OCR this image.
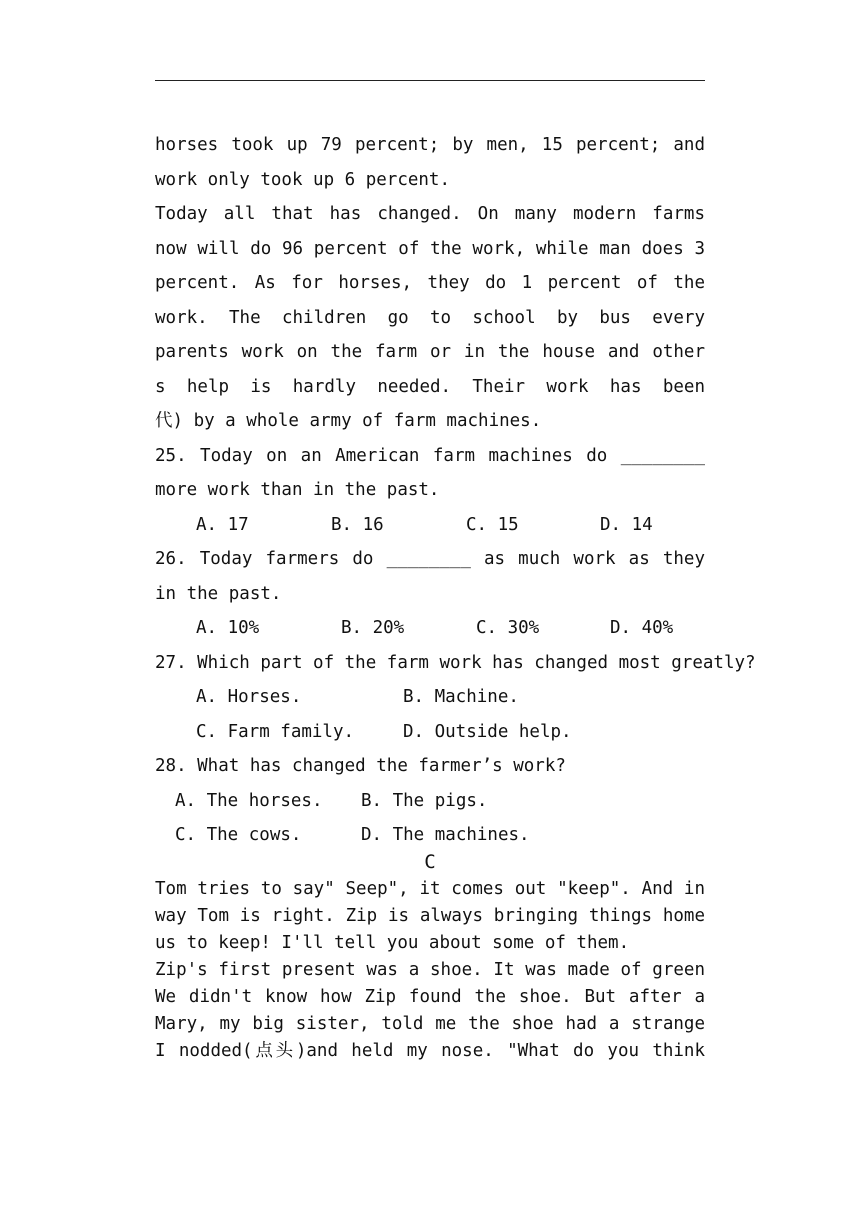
horses took up 79 percent; by men, 15 percent; and
work only took up 6 percent.
Today all that has changed. On many modern farms
now will do 96 percent of the work, while man does 3
percent. As for horses, they do 1 percent of the
work. The children go to school by bus every
parents work on the farm or in the house and other
s help is hardly needed. Their work has been
代) by a whole army of farm machines.
25. Today on an American farm machines do ________
more work than in the past.
A. 17	B. 16	C. 15	D. 14
26. Today farmers do ________ as much work as they
in the past.
A. 10%	B. 20%	C. 30%	D. 40%
27. Which part of the farm work has changed most greatly?
A. Horses.	B. Machine.
C. Farm family.	D. Outside help.
28. What has changed the farmer’s work?
A. The horses. B. The pigs.
C. The cows.	D. The machines.
C
Tom tries to say" Seep", it comes out "keep". And in
way Tom is right. Zip is always bringing things home
us to keep! I'll tell you about some of them.
Zip's first present was a shoe. It was made of green
We didn't know how Zip found the shoe. But after a
Mary, my big sister, told me the shoe had a strange
I nodded(点头)and held my nose. "What do you think
